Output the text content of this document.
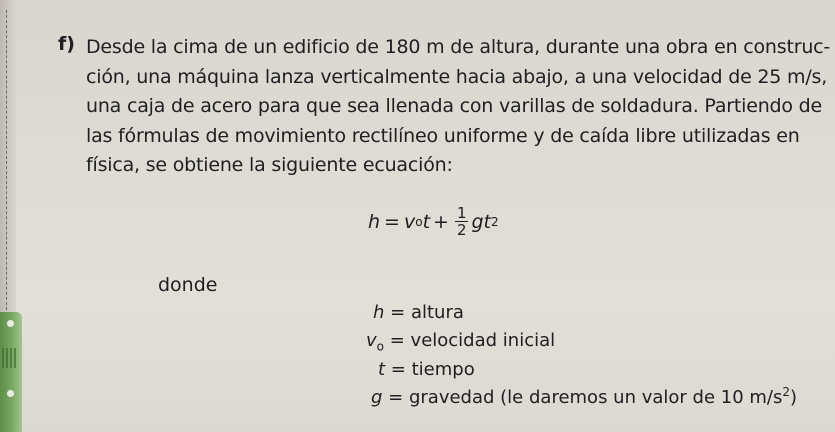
f) Desde la cima de un edificio de 180 m de altura, durante una obra en construc-
ción, una máquina lanza verticalmente hacia abajo, a una velocidad de 25 m/s,
una caja de acero para que sea llenada con varillas de soldadura. Partiendo de
las fórmulas de movimiento rectilíneo uniforme y de caída libre utilizadas en
física, se obtiene la siguiente ecuación:
h = v o $t + \frac{1}{2}$ g t 2
donde
h = altura
$v_o$ = velocidad inicial
t = tiempo
g = gravedad (le daremos un valor de 10 $m/s^2$)
